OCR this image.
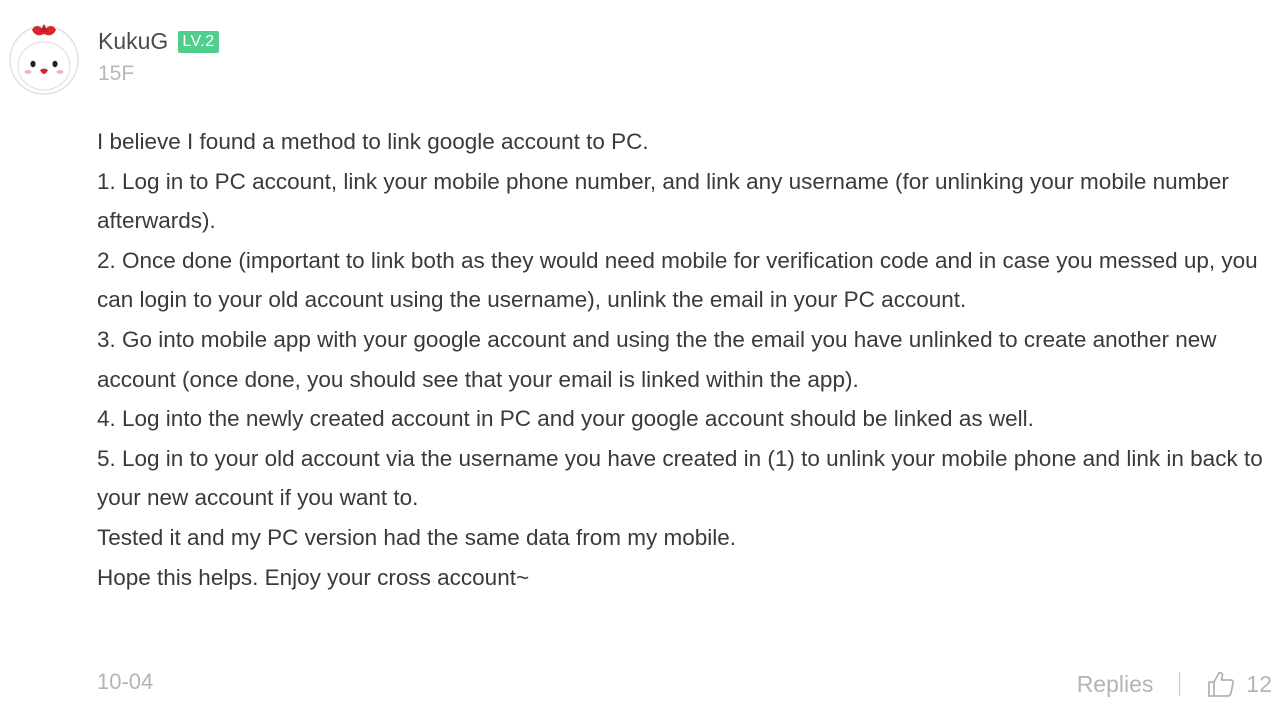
KukuG LV.2
15F

I believe I found a method to link google account to PC.

1. Log in to PC account, link your mobile phone number, and link any username (for unlinking your mobile number afterwards).

2. Once done (important to link both as they would need mobile for verification code and in case you messed up, you can login to your old account using the username), unlink the email in your PC account.

3. Go into mobile app with your google account and using the the email you have unlinked to create another new account (once done, you should see that your email is linked within the app).

4. Log into the newly created account in PC and your google account should be linked as well.

5. Log in to your old account via the username you have created in (1) to unlink your mobile phone and link in back to your new account if you want to.

Tested it and my PC version had the same data from my mobile.

Hope this helps. Enjoy your cross account~

10-04	Replies	12
